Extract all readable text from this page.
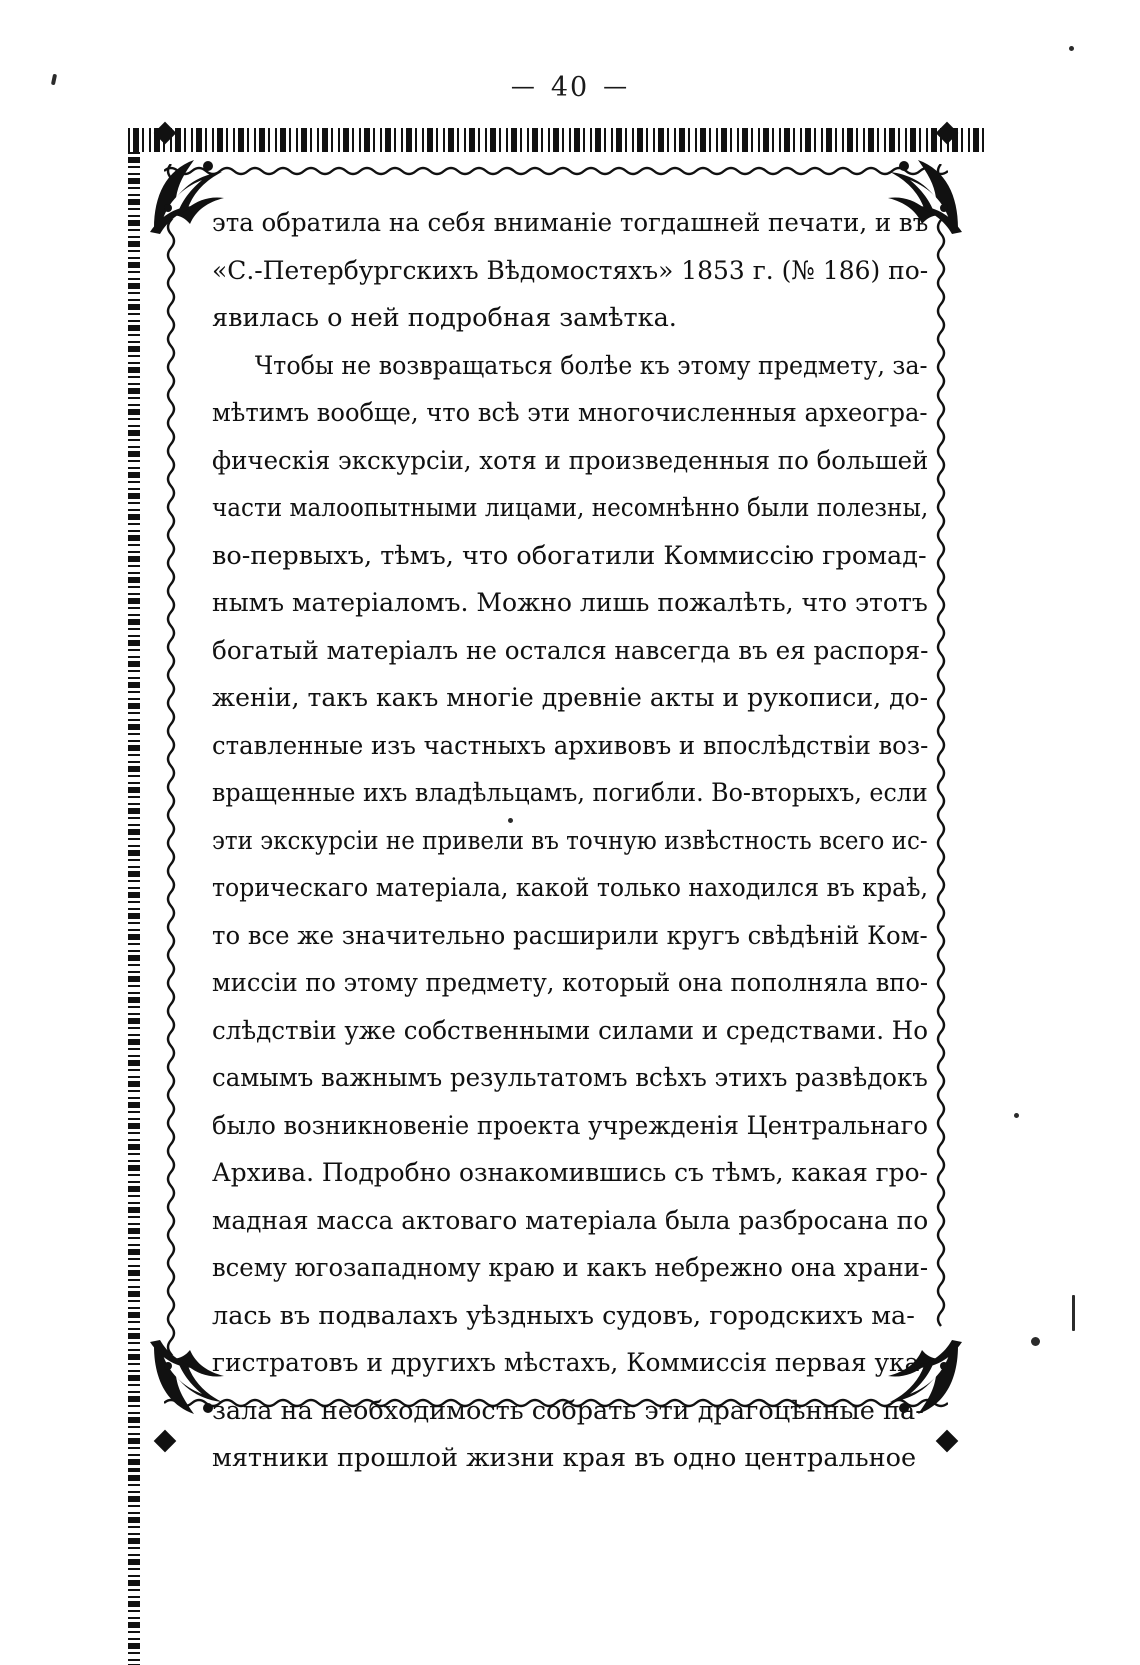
— 40 —
эта обратила на себя вниманіе тогдашней печати, и въ «С.-Петербургскихъ Вѣдомостяхъ» 1853 г. (№ 186) по- явилась о ней подробная замѣтка.
Чтобы не возвращаться болѣе къ этому предмету, за- мѣтимъ вообще, что всѣ эти многочисленныя археогра- фическія экскурсіи, хотя и произведенныя по большей части малоопытными лицами, несомнѣнно были полезны, во-первыхъ, тѣмъ, что обогатили Коммиссію громад- нымъ матеріаломъ. Можно лишь пожалѣть, что этотъ богатый матеріалъ не остался навсегда въ ея распоря- женіи, такъ какъ многіе древніе акты и рукописи, до- ставленные изъ частныхъ архивовъ и впослѣдствіи воз- вращенные ихъ владѣльцамъ, погибли. Во-вторыхъ, если эти экскурсіи не привели въ точную извѣстность всего ис- торическаго матеріала, какой только находился въ краѣ, то все же значительно расширили кругъ свѣдѣній Ком- миссіи по этому предмету, который она пополняла впо- слѣдствіи уже собственными силами и средствами. Но самымъ важнымъ результатомъ всѣхъ этихъ развѣдокъ было возникновеніе проекта учрежденія Центральнаго Архива. Подробно ознакомившись съ тѣмъ, какая гро- мадная масса актоваго матеріала была разбросана по всему югозападному краю и какъ небрежно она храни- лась въ подвалахъ уѣздныхъ судовъ, городскихъ ма- гистратовъ и другихъ мѣстахъ, Коммиссія первая ука- зала на необходимость собрать эти драгоцѣнные па- мятники прошлой жизни края въ одно центральное
